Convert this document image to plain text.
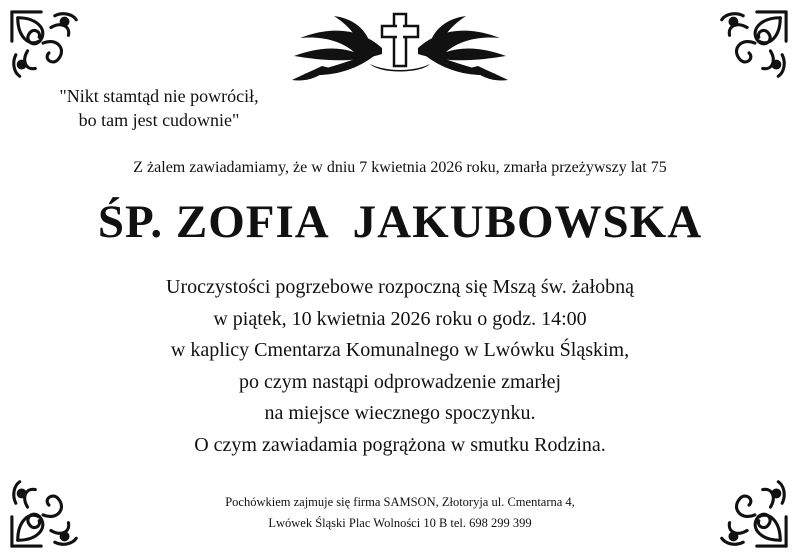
"Nikt stamtąd nie powrócił,
bo tam jest cudownie"
Z żalem zawiadamiamy, że w dniu 7 kwietnia 2026 roku, zmarła przeżywszy lat 75
ŚP. ZOFIA  JAKUBOWSKA
Uroczystości pogrzebowe rozpoczną się Mszą św. żałobną
w piątek, 10 kwietnia 2026 roku o godz. 14:00
w kaplicy Cmentarza Komunalnego w Lwówku Śląskim,
po czym nastąpi odprowadzenie zmarłej
na miejsce wiecznego spoczynku.
O czym zawiadamia pogrążona w smutku Rodzina.
Pochówkiem zajmuje się firma SAMSON, Złotoryja ul. Cmentarna 4,
Lwówek Śląski Plac Wolności 10 B tel. 698 299 399
